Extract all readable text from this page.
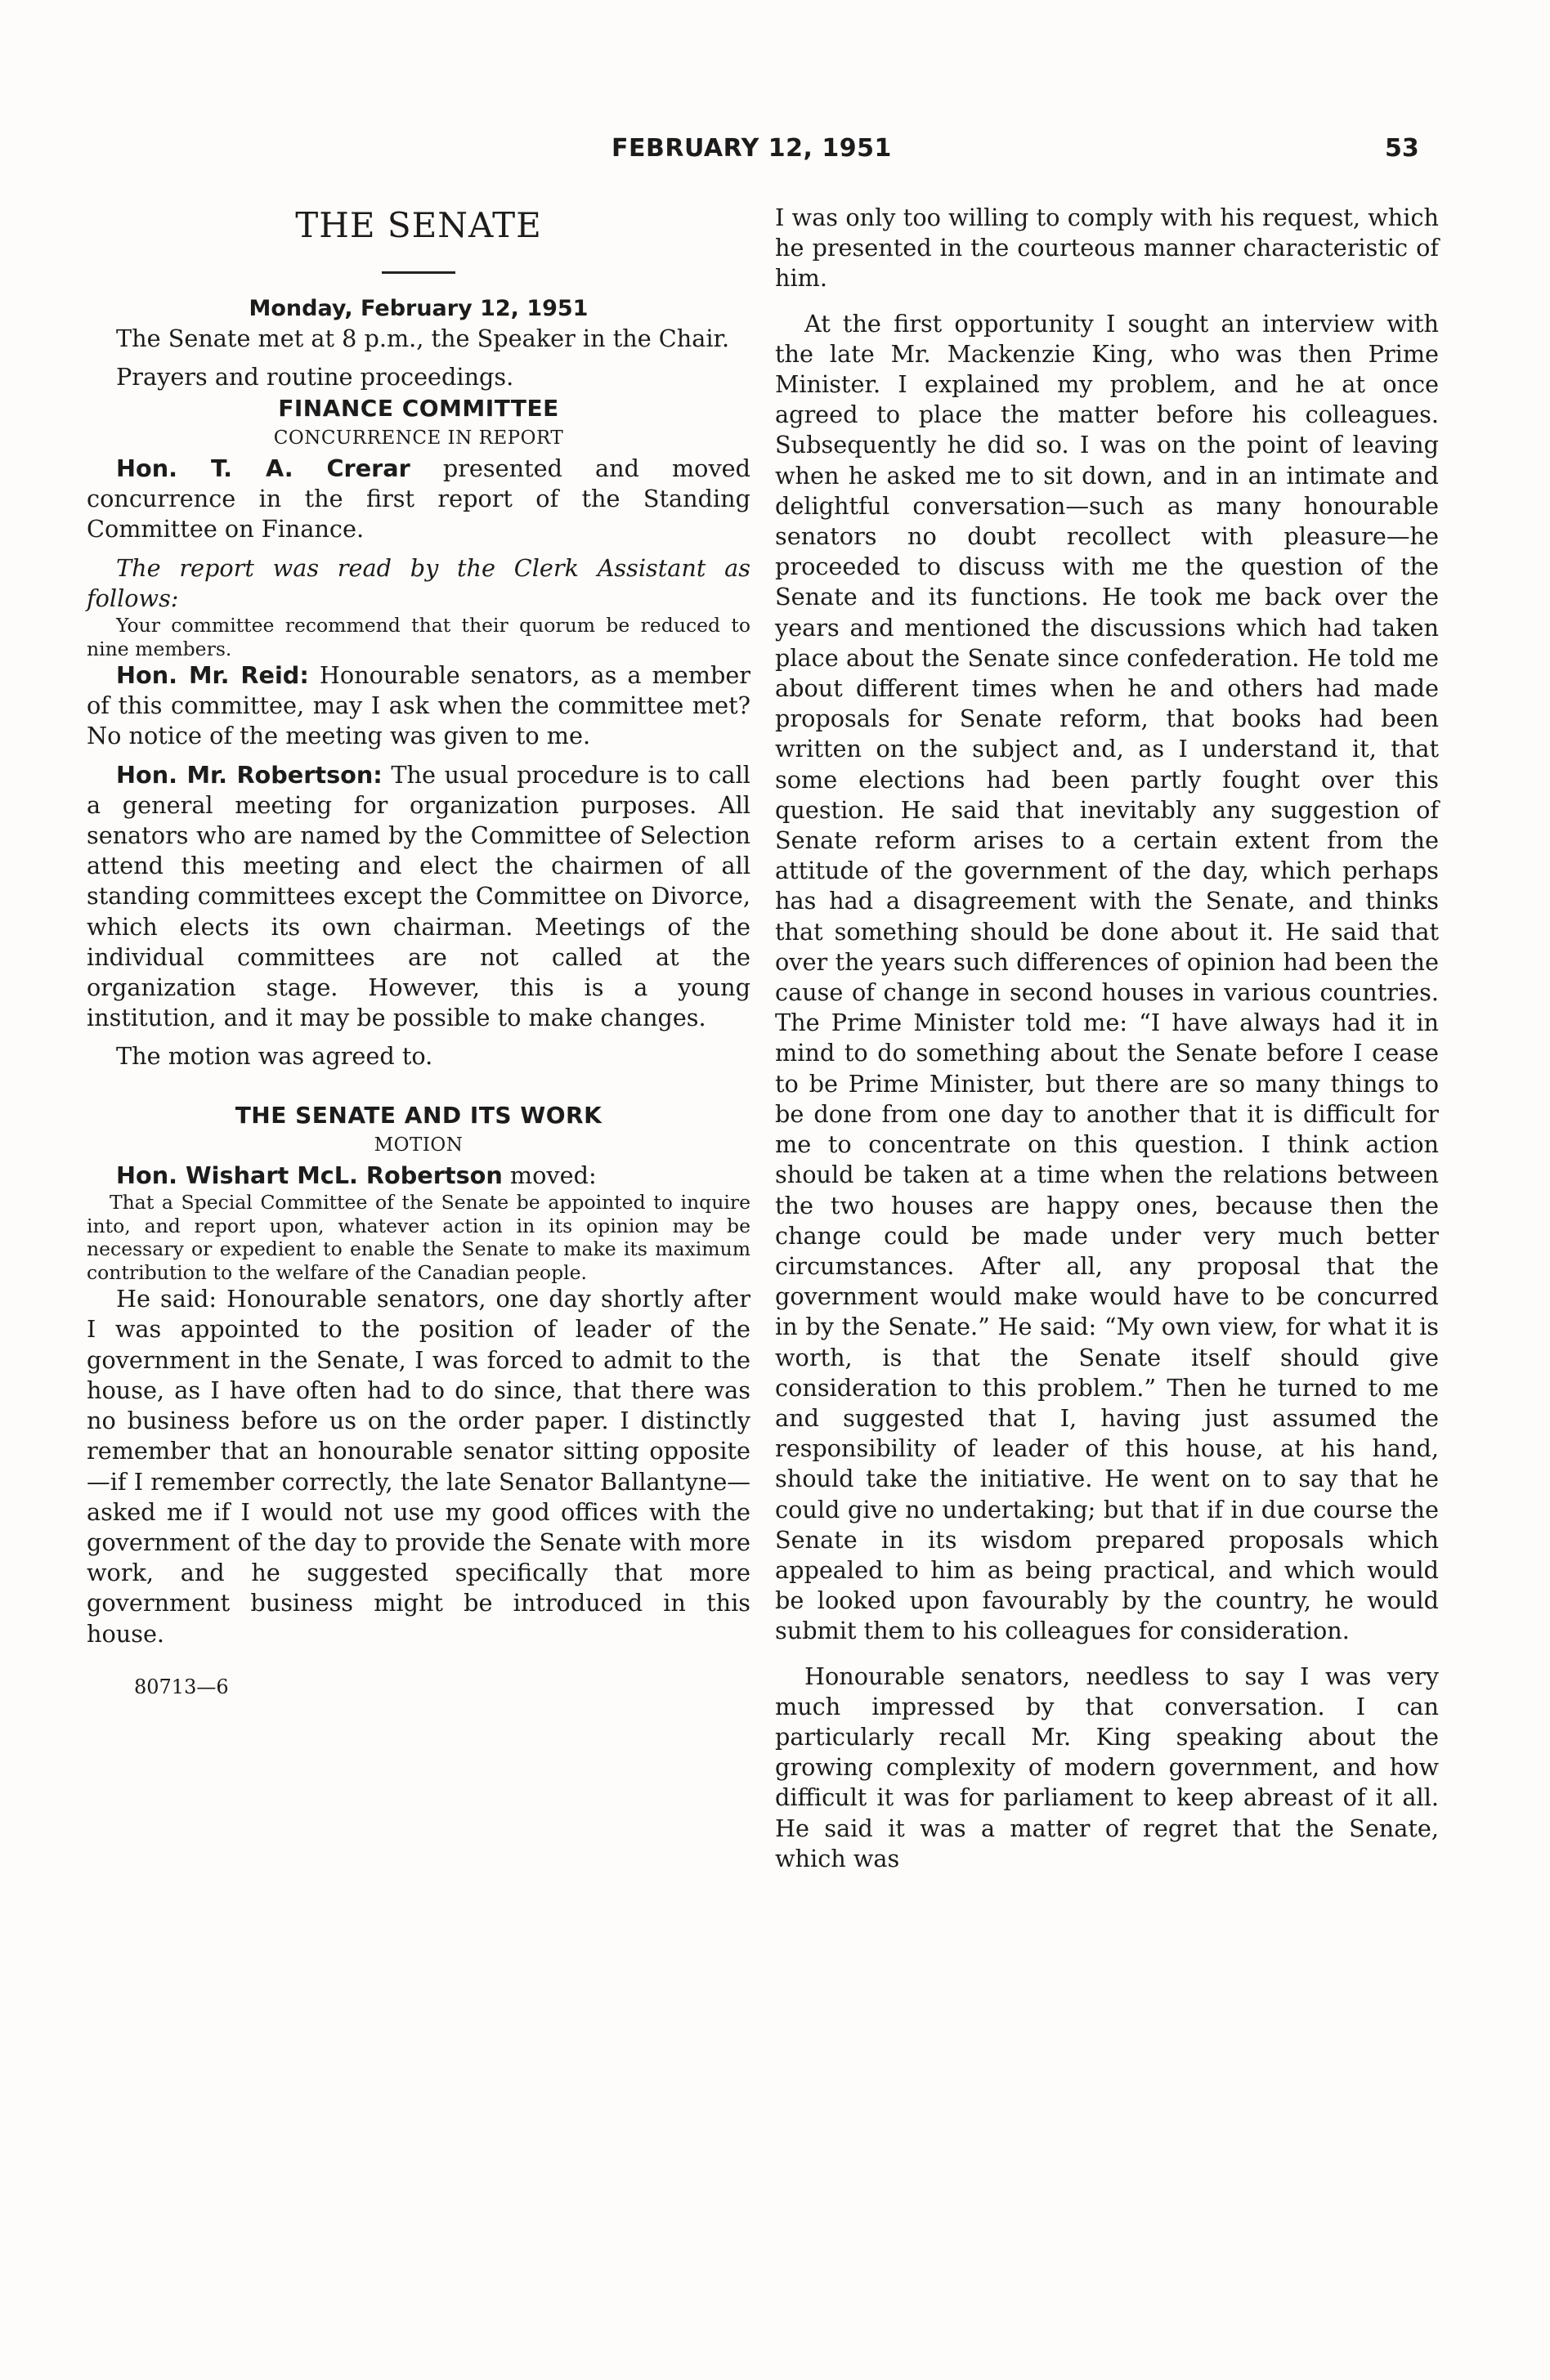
FEBRUARY 12, 1951	53

THE SENATE

Monday, February 12, 1951

The Senate met at 8 p.m., the Speaker in the Chair.

Prayers and routine proceedings.

FINANCE COMMITTEE

CONCURRENCE IN REPORT

Hon. T. A. Crerar presented and moved concurrence in the first report of the Standing Committee on Finance.

The report was read by the Clerk Assistant as follows:

Your committee recommend that their quorum be reduced to nine members.

Hon. Mr. Reid: Honourable senators, as a member of this committee, may I ask when the committee met? No notice of the meeting was given to me.

Hon. Mr. Robertson: The usual procedure is to call a general meeting for organization purposes. All senators who are named by the Committee of Selection attend this meeting and elect the chairmen of all standing committees except the Committee on Divorce, which elects its own chairman. Meetings of the individual committees are not called at the organization stage. However, this is a young institution, and it may be possible to make changes.

The motion was agreed to.

THE SENATE AND ITS WORK

MOTION

Hon. Wishart McL. Robertson moved:

That a Special Committee of the Senate be appointed to inquire into, and report upon, whatever action in its opinion may be necessary or expedient to enable the Senate to make its maximum contribution to the welfare of the Canadian people.

He said: Honourable senators, one day shortly after I was appointed to the position of leader of the government in the Senate, I was forced to admit to the house, as I have often had to do since, that there was no business before us on the order paper. I distinctly remember that an honourable senator sitting opposite—if I remember correctly, the late Senator Ballantyne—asked me if I would not use my good offices with the government of the day to provide the Senate with more work, and he suggested specifically that more government business might be introduced in this house.

80713—6

I was only too willing to comply with his request, which he presented in the courteous manner characteristic of him.

At the first opportunity I sought an interview with the late Mr. Mackenzie King, who was then Prime Minister. I explained my problem, and he at once agreed to place the matter before his colleagues. Subsequently he did so. I was on the point of leaving when he asked me to sit down, and in an intimate and delightful conversation—such as many honourable senators no doubt recollect with pleasure—he proceeded to discuss with me the question of the Senate and its functions. He took me back over the years and mentioned the discussions which had taken place about the Senate since confederation. He told me about different times when he and others had made proposals for Senate reform, that books had been written on the subject and, as I understand it, that some elections had been partly fought over this question. He said that inevitably any suggestion of Senate reform arises to a certain extent from the attitude of the government of the day, which perhaps has had a disagreement with the Senate, and thinks that something should be done about it. He said that over the years such differences of opinion had been the cause of change in second houses in various countries. The Prime Minister told me: “I have always had it in mind to do something about the Senate before I cease to be Prime Minister, but there are so many things to be done from one day to another that it is difficult for me to concentrate on this question. I think action should be taken at a time when the relations between the two houses are happy ones, because then the change could be made under very much better circumstances. After all, any proposal that the government would make would have to be concurred in by the Senate.” He said: “My own view, for what it is worth, is that the Senate itself should give consideration to this problem.” Then he turned to me and suggested that I, having just assumed the responsibility of leader of this house, at his hand, should take the initiative. He went on to say that he could give no undertaking; but that if in due course the Senate in its wisdom prepared proposals which appealed to him as being practical, and which would be looked upon favourably by the country, he would submit them to his colleagues for consideration.

Honourable senators, needless to say I was very much impressed by that conversation. I can particularly recall Mr. King speaking about the growing complexity of modern government, and how difficult it was for parliament to keep abreast of it all. He said it was a matter of regret that the Senate, which was
